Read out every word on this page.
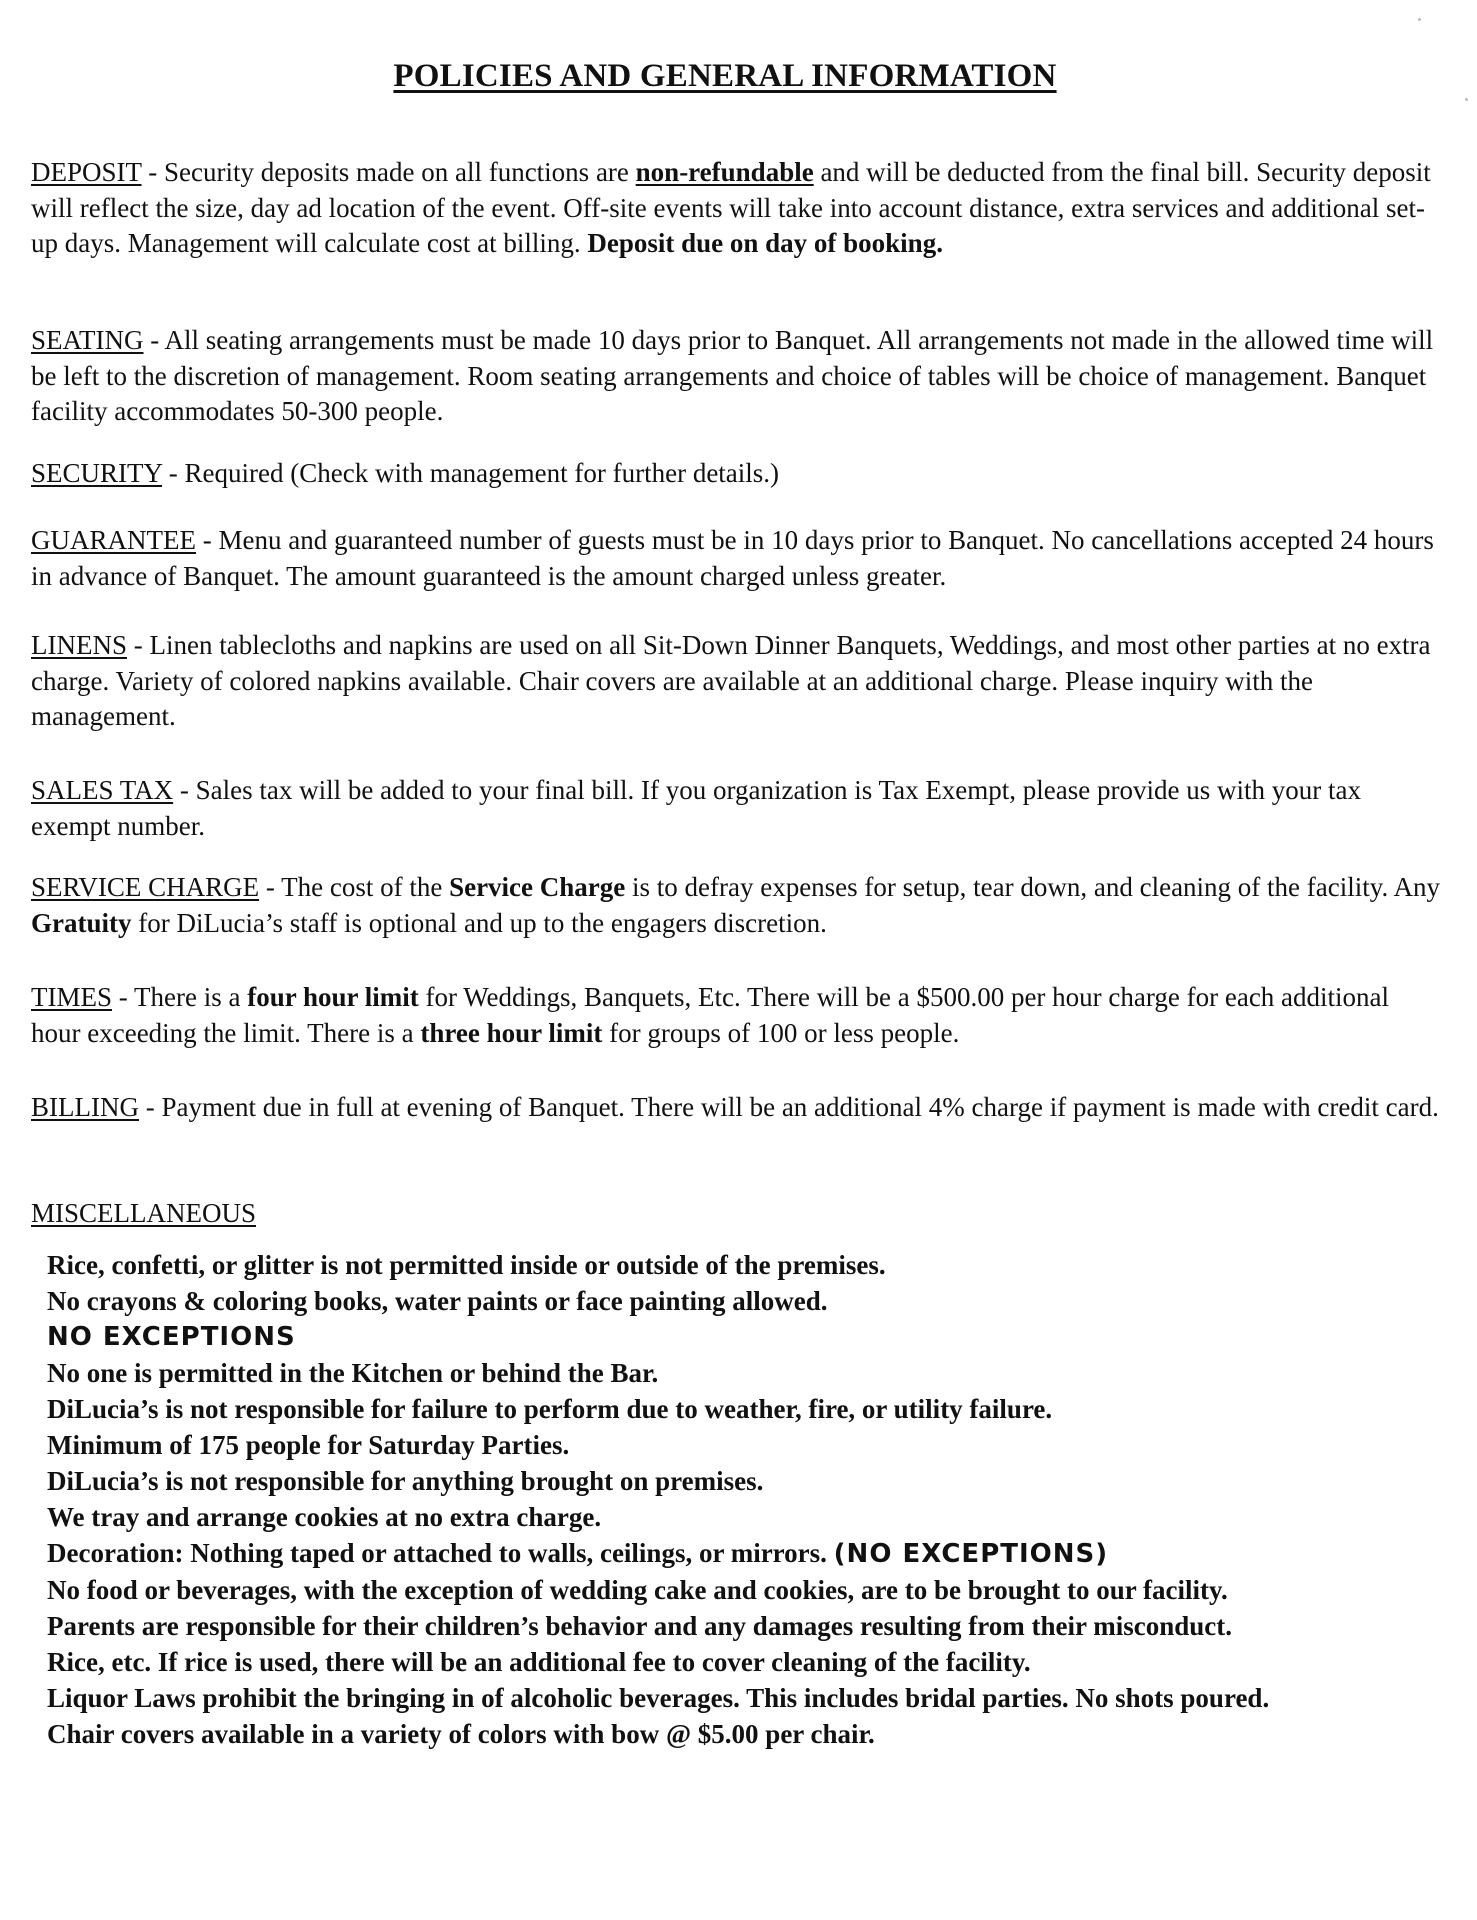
POLICIES AND GENERAL INFORMATION

DEPOSIT - Security deposits made on all functions are non-refundable and will be deducted from the final bill. Security deposit will reflect the size, day ad location of the event. Off-site events will take into account distance, extra services and additional set-up days. Management will calculate cost at billing. Deposit due on day of booking.

SEATING - All seating arrangements must be made 10 days prior to Banquet. All arrangements not made in the allowed time will be left to the discretion of management. Room seating arrangements and choice of tables will be choice of management. Banquet facility accommodates 50-300 people.

SECURITY - Required (Check with management for further details.)

GUARANTEE - Menu and guaranteed number of guests must be in 10 days prior to Banquet. No cancellations accepted 24 hours in advance of Banquet. The amount guaranteed is the amount charged unless greater.

LINENS - Linen tablecloths and napkins are used on all Sit-Down Dinner Banquets, Weddings, and most other parties at no extra charge. Variety of colored napkins available. Chair covers are available at an additional charge. Please inquiry with the management.

SALES TAX - Sales tax will be added to your final bill. If you organization is Tax Exempt, please provide us with your tax exempt number.

SERVICE CHARGE - The cost of the Service Charge is to defray expenses for setup, tear down, and cleaning of the facility. Any Gratuity for DiLucia’s staff is optional and up to the engagers discretion.

TIMES - There is a four hour limit for Weddings, Banquets, Etc. There will be a $500.00 per hour charge for each additional hour exceeding the limit. There is a three hour limit for groups of 100 or less people.

BILLING - Payment due in full at evening of Banquet. There will be an additional 4% charge if payment is made with credit card.

MISCELLANEOUS
Rice, confetti, or glitter is not permitted inside or outside of the premises.
No crayons & coloring books, water paints or face painting allowed.
NO EXCEPTIONS
No one is permitted in the Kitchen or behind the Bar.
DiLucia’s is not responsible for failure to perform due to weather, fire, or utility failure.
Minimum of 175 people for Saturday Parties.
DiLucia’s is not responsible for anything brought on premises.
We tray and arrange cookies at no extra charge.
Decoration: Nothing taped or attached to walls, ceilings, or mirrors. (NO EXCEPTIONS)
No food or beverages, with the exception of wedding cake and cookies, are to be brought to our facility.
Parents are responsible for their children’s behavior and any damages resulting from their misconduct.
Rice, etc. If rice is used, there will be an additional fee to cover cleaning of the facility.
Liquor Laws prohibit the bringing in of alcoholic beverages. This includes bridal parties. No shots poured.
Chair covers available in a variety of colors with bow @ $5.00 per chair.
